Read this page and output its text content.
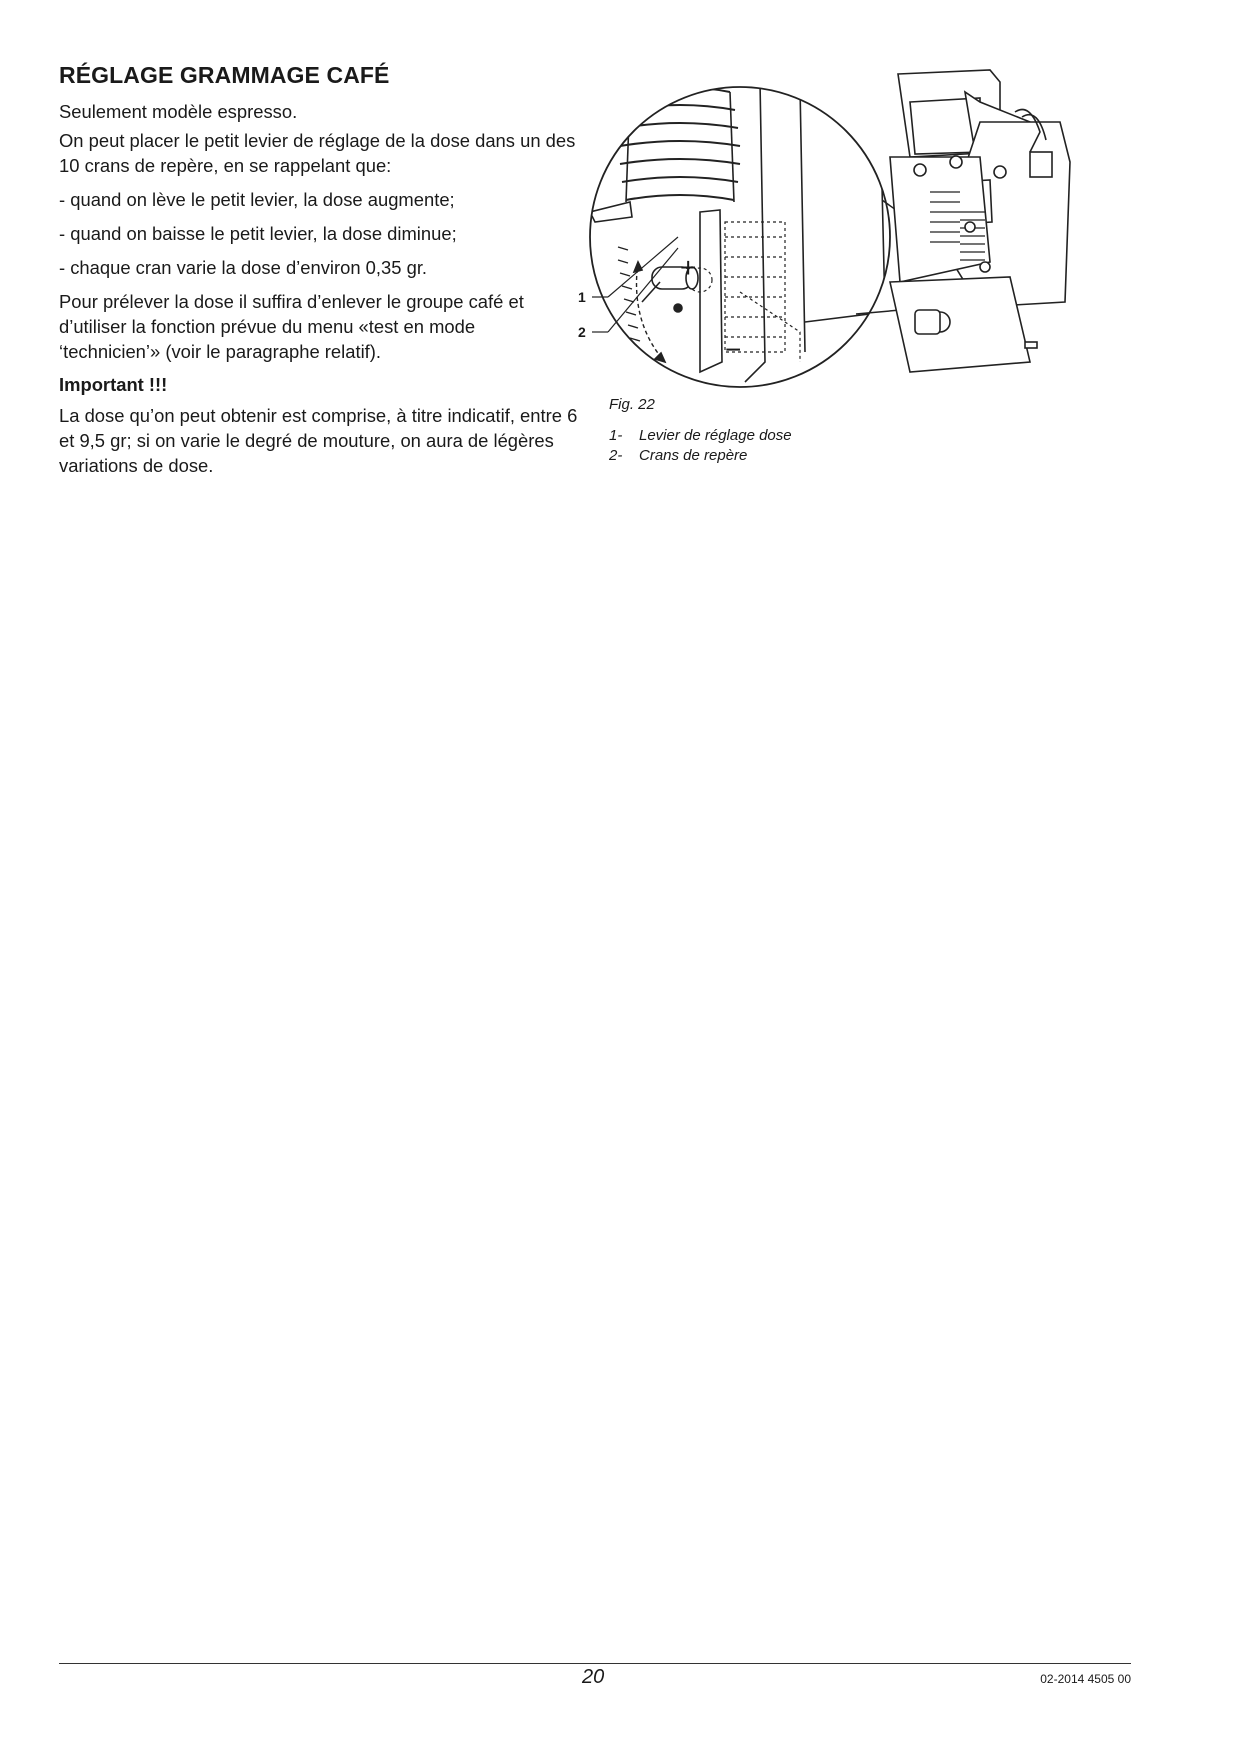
RÉGLAGE GRAMMAGE CAFÉ

Seulement modèle espresso.

On peut placer le petit levier de réglage de la dose dans un des 10 crans de repère, en se rappelant que:

- quand on lève le petit levier, la dose augmente;

- quand on baisse le petit levier, la dose diminue;

- chaque cran varie la dose d’environ 0,35 gr.

Pour prélever la dose il suffira d’enlever le groupe café et d’utiliser la fonction prévue du menu «test en mode ‘technicien’» (voir le paragraphe relatif).

Important !!!

La dose qu’on peut obtenir est comprise, à titre indicatif, entre 6 et 9,5 gr; si on varie le degré de mouture, on aura de légères variations de dose.

+
−
1
2
Fig. 22
1-	Levier de réglage dose
2-	Crans de repère
20	02-2014 4505 00
